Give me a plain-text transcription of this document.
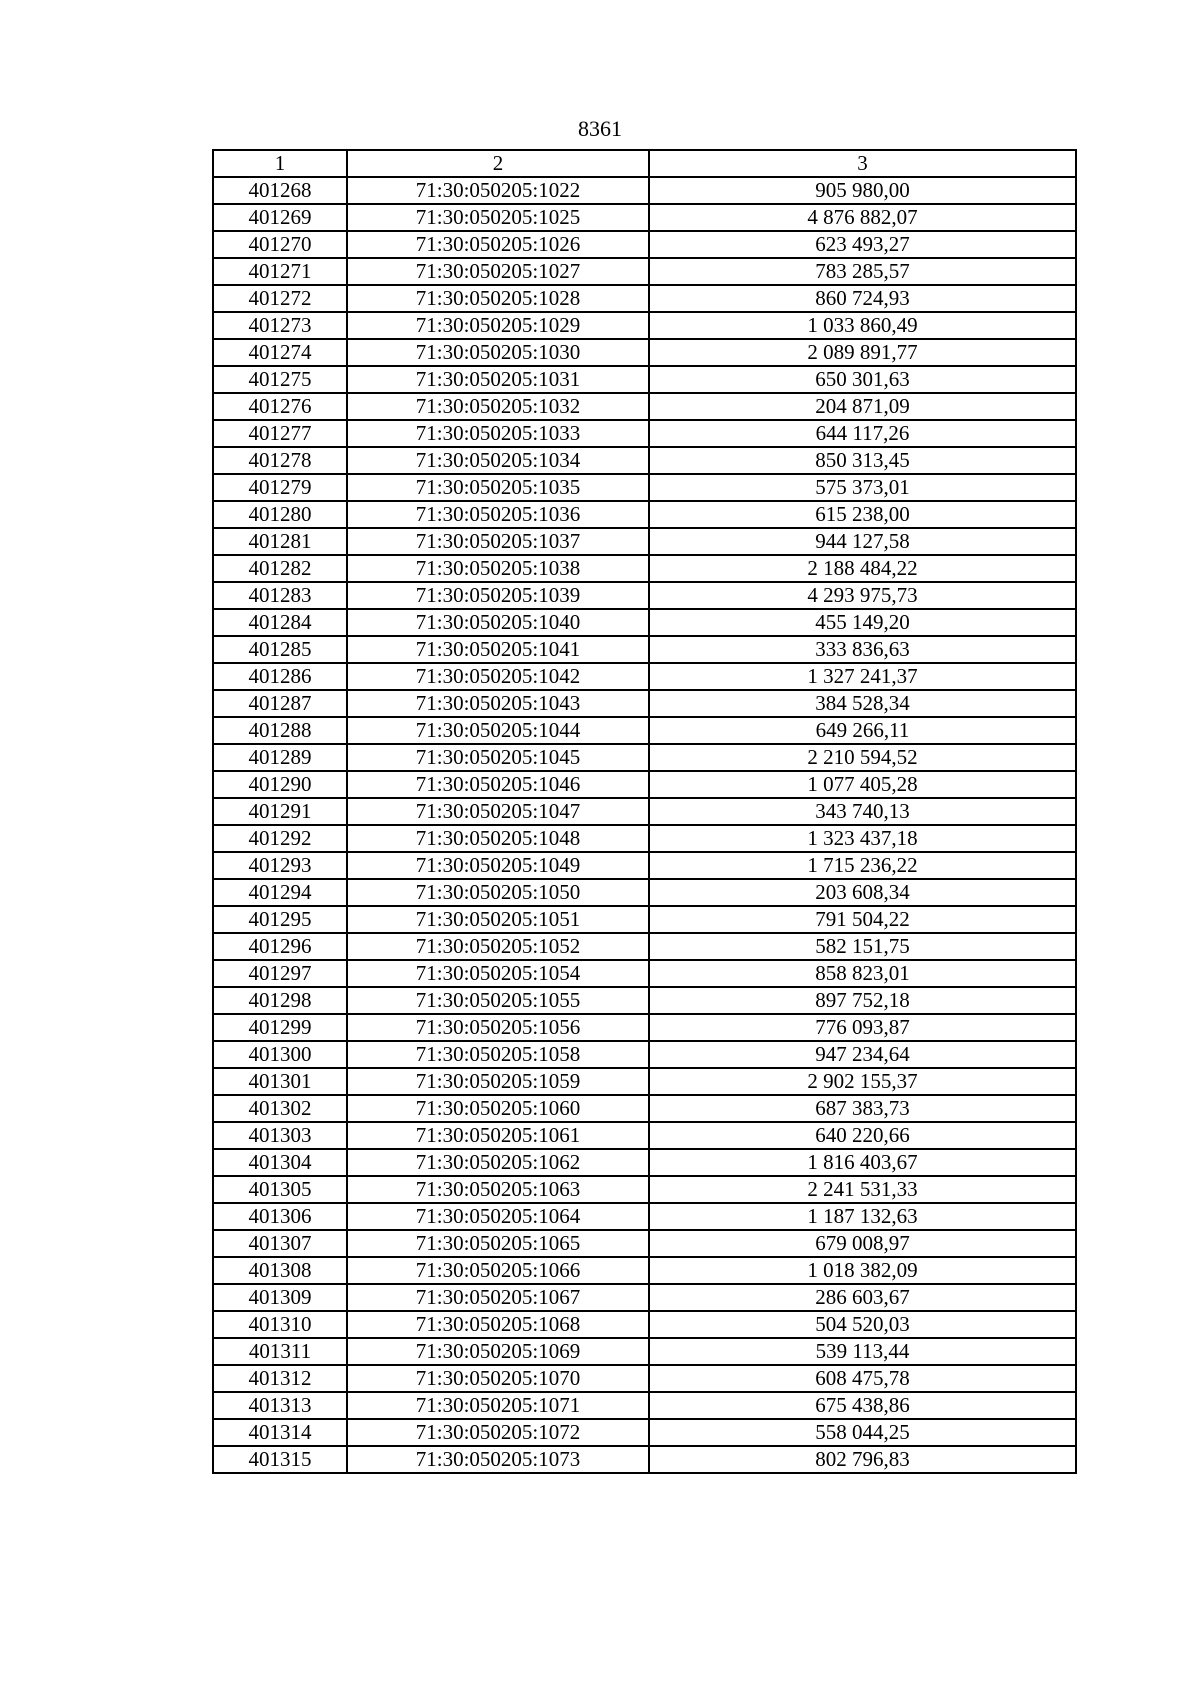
8361
1	2	3
401268	71:30:050205:1022	905 980,00
401269	71:30:050205:1025	4 876 882,07
401270	71:30:050205:1026	623 493,27
401271	71:30:050205:1027	783 285,57
401272	71:30:050205:1028	860 724,93
401273	71:30:050205:1029	1 033 860,49
401274	71:30:050205:1030	2 089 891,77
401275	71:30:050205:1031	650 301,63
401276	71:30:050205:1032	204 871,09
401277	71:30:050205:1033	644 117,26
401278	71:30:050205:1034	850 313,45
401279	71:30:050205:1035	575 373,01
401280	71:30:050205:1036	615 238,00
401281	71:30:050205:1037	944 127,58
401282	71:30:050205:1038	2 188 484,22
401283	71:30:050205:1039	4 293 975,73
401284	71:30:050205:1040	455 149,20
401285	71:30:050205:1041	333 836,63
401286	71:30:050205:1042	1 327 241,37
401287	71:30:050205:1043	384 528,34
401288	71:30:050205:1044	649 266,11
401289	71:30:050205:1045	2 210 594,52
401290	71:30:050205:1046	1 077 405,28
401291	71:30:050205:1047	343 740,13
401292	71:30:050205:1048	1 323 437,18
401293	71:30:050205:1049	1 715 236,22
401294	71:30:050205:1050	203 608,34
401295	71:30:050205:1051	791 504,22
401296	71:30:050205:1052	582 151,75
401297	71:30:050205:1054	858 823,01
401298	71:30:050205:1055	897 752,18
401299	71:30:050205:1056	776 093,87
401300	71:30:050205:1058	947 234,64
401301	71:30:050205:1059	2 902 155,37
401302	71:30:050205:1060	687 383,73
401303	71:30:050205:1061	640 220,66
401304	71:30:050205:1062	1 816 403,67
401305	71:30:050205:1063	2 241 531,33
401306	71:30:050205:1064	1 187 132,63
401307	71:30:050205:1065	679 008,97
401308	71:30:050205:1066	1 018 382,09
401309	71:30:050205:1067	286 603,67
401310	71:30:050205:1068	504 520,03
401311	71:30:050205:1069	539 113,44
401312	71:30:050205:1070	608 475,78
401313	71:30:050205:1071	675 438,86
401314	71:30:050205:1072	558 044,25
401315	71:30:050205:1073	802 796,83
